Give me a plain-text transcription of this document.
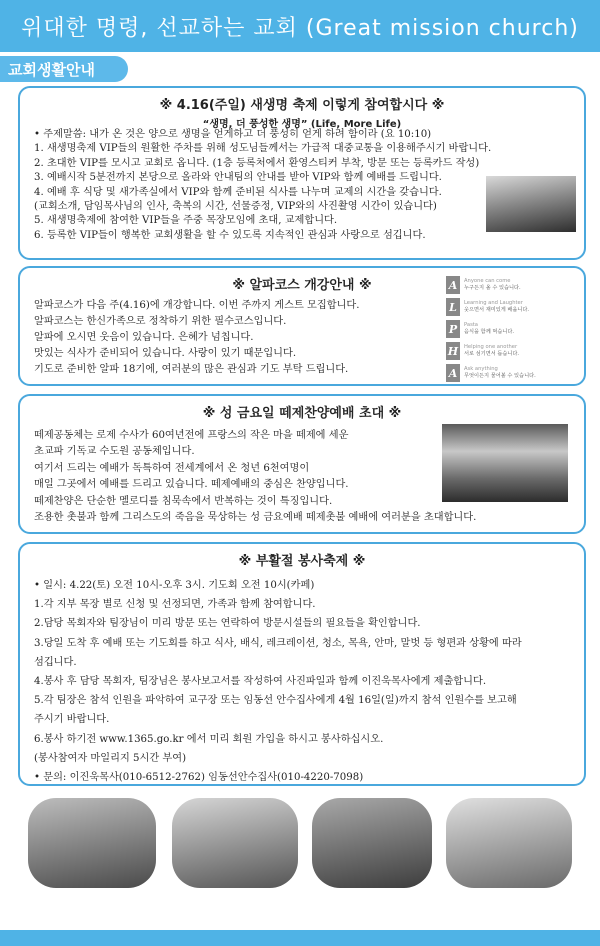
위대한 명령, 선교하는 교회 (Great mission church)
교회생활안내
※ 4.16(주일) 새생명 축제 이렇게 참여합시다 ※
“생명, 더 풍성한 생명” (Life, More Life)
• 주제말씀: 내가 온 것은 양으로 생명을 얻게하고 더 풍성히 얻게 하려 함이라 (요 10:10)
1. 새생명축제 VIP들의 원활한 주차를 위해 성도님들께서는 가급적 대중교통을 이용해주시기 바랍니다.
2. 초대한 VIP를 모시고 교회로 옵니다. (1층 등록처에서 환영스티커 부착, 방문 또는 등록카드 작성)
3. 예배시작 5분전까지 본당으로 올라와 안내팀의 안내를 받아 VIP와 함께 예배를 드립니다.
4. 예배 후 식당 및 새가족실에서 VIP와 함께 준비된 식사를 나누며 교제의 시간을 갖습니다.
(교회소개, 담임목사님의 인사, 축복의 시간, 선물증정, VIP와의 사진촬영 시간이 있습니다)
5. 새생명축제에 참여한 VIP들을 주중 목장모임에 초대, 교제합니다.
6. 등록한 VIP들이 행복한 교회생활을 할 수 있도록 지속적인 관심과 사랑으로 섬깁니다.
※ 알파코스 개강안내 ※
알파코스가 다음 주(4.16)에 개강합니다. 이번 주까지 게스트 모집합니다.
알파코스는 한신가족으로 정착하기 위한 필수코스입니다.
알파에 오시면 웃음이 있습니다. 은혜가 넘칩니다.
맛있는 식사가 준비되어 있습니다. 사랑이 있기 때문입니다.
기도로 준비한 알파 18기에, 여러분의 많은 관심과 기도 부탁 드립니다.
A	Anyone can come
누구든지 올 수 있습니다.
L	Learning and Laughter
웃으면서 재미있게 배웁니다.
P	Pasta
음식을 함께 먹습니다.
H	Helping one another
서로 섬기면서 돕습니다.
A	Ask anything
무엇이든지 물어볼 수 있습니다.
※ 성 금요일 떼제찬양예배 초대 ※
떼제공동체는 로제 수사가 60여년전에 프랑스의 작은 마을 떼제에 세운
초교파 기독교 수도원 공동체입니다.
여기서 드리는 예배가 독특하여 전세계에서 온 청년 6천여명이
매일 그곳에서 예배를 드리고 있습니다. 떼제예배의 중심은 찬양입니다.
떼제찬양은 단순한 멜로디를 침묵속에서 반복하는 것이 특징입니다.
조용한 촛불과 함께 그리스도의 죽음을 묵상하는 성 금요예배 떼제촛불 예배에 여러분을 초대합니다.
※ 부활절 봉사축제 ※
• 일시: 4.22(토) 오전 10시-오후 3시. 기도회 오전 10시(카페)
1.각 지부 목장 별로 신청 및 선정되면, 가족과 함께 참여합니다.
2.담당 목회자와 팀장님이 미리 방문 또는 연락하여 방문시설들의 필요들을 확인합니다.
3.당일 도착 후 예배 또는 기도회를 하고 식사, 배식, 레크레이션, 청소, 목욕, 안마, 말벗 등 형편과 상황에 따라
섬깁니다.
4.봉사 후 담당 목회자, 팀장님은 봉사보고서를 작성하여 사진파일과 함께 이진욱목사에게 제출합니다.
5.각 팀장은 참석 인원을 파악하여 교구장 또는 임동선 안수집사에게 4월 16일(일)까지 참석 인원수를 보고해
주시기 바랍니다.
6.봉사 하기전 www.1365.go.kr 에서 미리 회원 가입을 하시고 봉사하십시오.
(봉사참여자 마일리지 5시간 부여)
• 문의: 이진욱목사(010-6512-2762) 임동선안수집사(010-4220-7098)
